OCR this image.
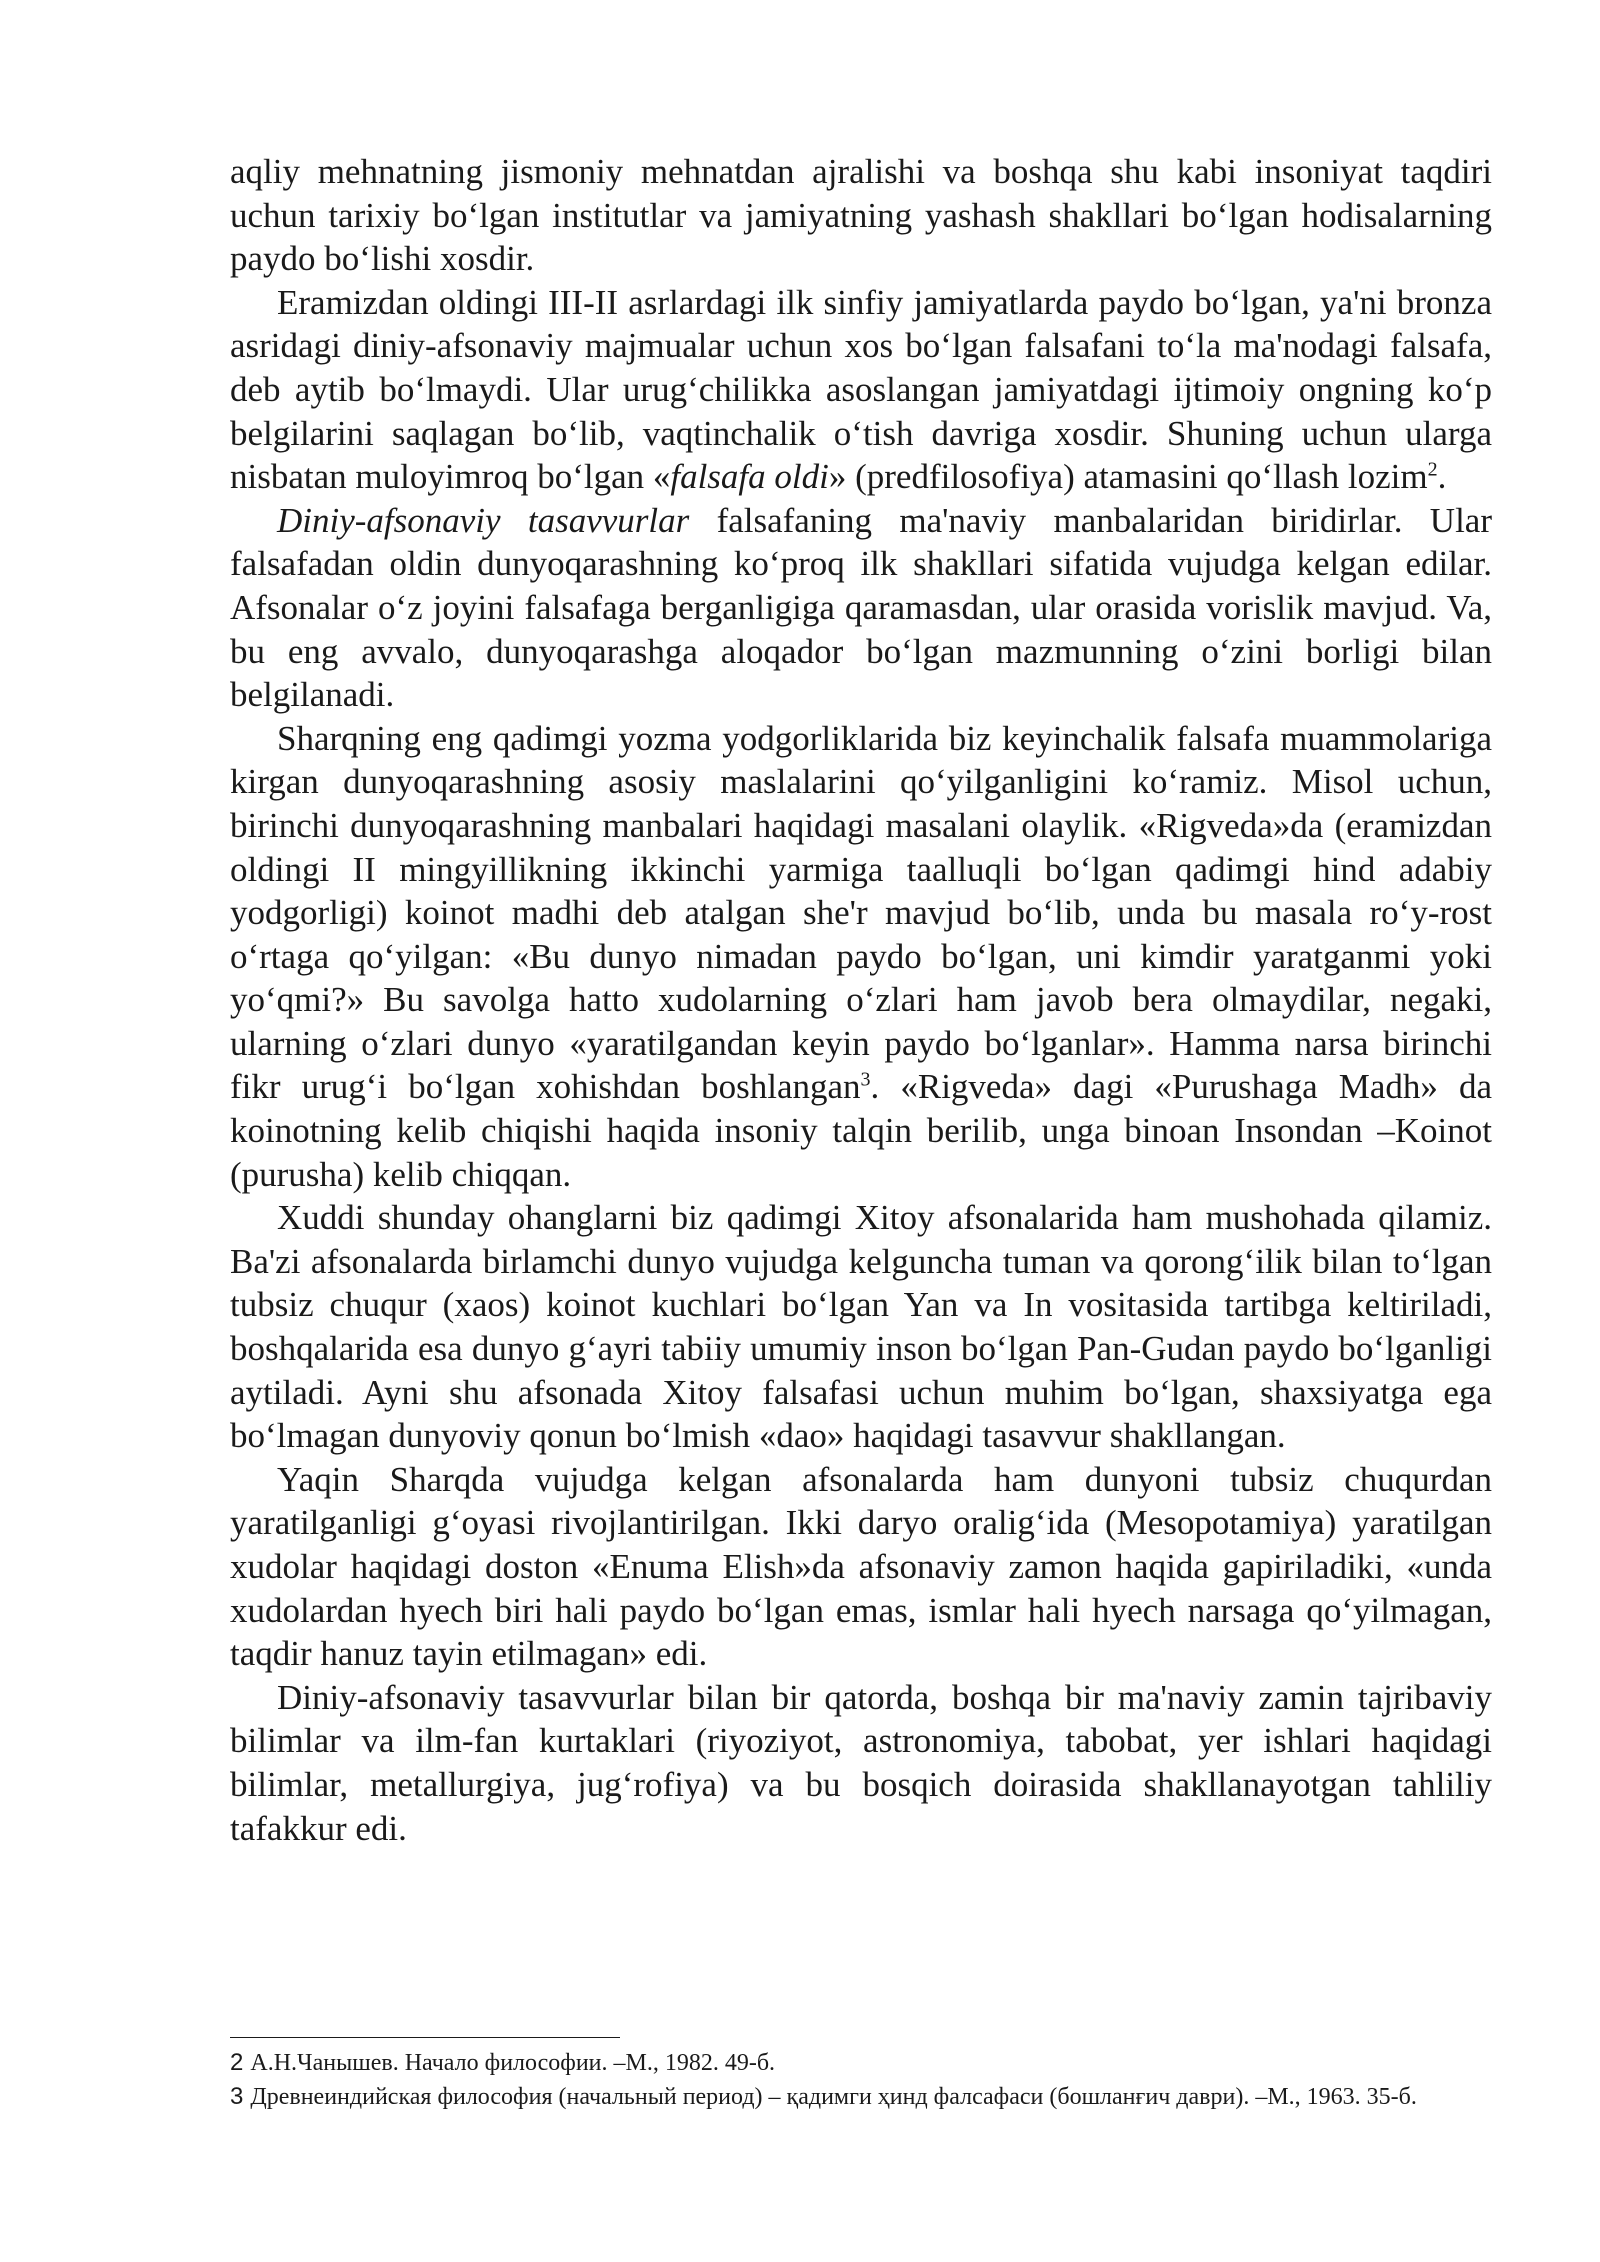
aqliy mehnatning jismoniy mehnatdan ajralishi va boshqa shu kabi insoniyat taqdiri uchun tarixiy bo‘lgan institutlar va jamiyatning yashash shakllari bo‘lgan hodisalarning paydo bo‘lishi xosdir.

Eramizdan oldingi III-II asrlardagi ilk sinfiy jamiyatlarda paydo bo‘lgan, ya'ni bronza asridagi diniy-afsonaviy majmualar uchun xos bo‘lgan falsafani to‘la ma'nodagi falsafa, deb aytib bo‘lmaydi. Ular urug‘chilikka asoslangan jamiyatdagi ijtimoiy ongning ko‘p belgilarini saqlagan bo‘lib, vaqtinchalik o‘tish davriga xosdir. Shuning uchun ularga nisbatan muloyimroq bo‘lgan «falsafa oldi» (predfilosofiya) atamasini qo‘llash lozim$^2$.

Diniy-afsonaviy tasavvurlar falsafaning ma'naviy manbalaridan biridirlar. Ular falsafadan oldin dunyoqarashning ko‘proq ilk shakllari sifatida vujudga kelgan edilar. Afsonalar o‘z joyini falsafaga berganligiga qaramasdan, ular orasida vorislik mavjud. Va, bu eng avvalo, dunyoqarashga aloqador bo‘lgan mazmunning o‘zini borligi bilan belgilanadi.

Sharqning eng qadimgi yozma yodgorliklarida biz keyinchalik falsafa muammolariga kirgan dunyoqarashning asosiy maslalarini qo‘yilganligini ko‘ramiz. Misol uchun, birinchi dunyoqarashning manbalari haqidagi masalani olaylik. «Rigveda»da (eramizdan oldingi II mingyillikning ikkinchi yarmiga taalluqli bo‘lgan qadimgi hind adabiy yodgorligi) koinot madhi deb atalgan she'r mavjud bo‘lib, unda bu masala ro‘y-rost o‘rtaga qo‘yilgan: «Bu dunyo nimadan paydo bo‘lgan, uni kimdir yaratganmi yoki yo‘qmi?» Bu savolga hatto xudolarning o‘zlari ham javob bera olmaydilar, negaki, ularning o‘zlari dunyo «yaratilgandan keyin paydo bo‘lganlar». Hamma narsa birinchi fikr urug‘i bo‘lgan xohishdan boshlangan$^3$. «Rigveda» dagi «Purushaga Madh» da koinotning kelib chiqishi haqida insoniy talqin berilib, unga binoan Insondan –Koinot (purusha) kelib chiqqan.

Xuddi shunday ohanglarni biz qadimgi Xitoy afsonalarida ham mushohada qilamiz. Ba'zi afsonalarda birlamchi dunyo vujudga kelguncha tuman va qorong‘ilik bilan to‘lgan tubsiz chuqur (xaos) koinot kuchlari bo‘lgan Yan va In vositasida tartibga keltiriladi, boshqalarida esa dunyo g‘ayri tabiiy umumiy inson bo‘lgan Pan-Gudan paydo bo‘lganligi aytiladi. Ayni shu afsonada Xitoy falsafasi uchun muhim bo‘lgan, shaxsiyatga ega bo‘lmagan dunyoviy qonun bo‘lmish «dao» haqidagi tasavvur shakllangan.

Yaqin Sharqda vujudga kelgan afsonalarda ham dunyoni tubsiz chuqurdan yaratilganligi g‘oyasi rivojlantirilgan. Ikki daryo oralig‘ida (Mesopotamiya) yaratilgan xudolar haqidagi doston «Enuma Elish»da afsonaviy zamon haqida gapiriladiki, «unda xudolardan hyech biri hali paydo bo‘lgan emas, ismlar hali hyech narsaga qo‘yilmagan, taqdir hanuz tayin etilmagan» edi.

Diniy-afsonaviy tasavvurlar bilan bir qatorda, boshqa bir ma'naviy zamin tajribaviy bilimlar va ilm-fan kurtaklari (riyoziyot, astronomiya, tabobat, yer ishlari haqidagi bilimlar, metallurgiya, jug‘rofiya) va bu bosqich doirasida shakllanayotgan tahliliy tafakkur edi.

2 А.Н.Чанышев. Начало философии. –М., 1982. 49-б.

3 Древнеиндийская философия (начальный период) – қадимги ҳинд фалсафаси (бошланғич даври). –М., 1963. 35-б.
